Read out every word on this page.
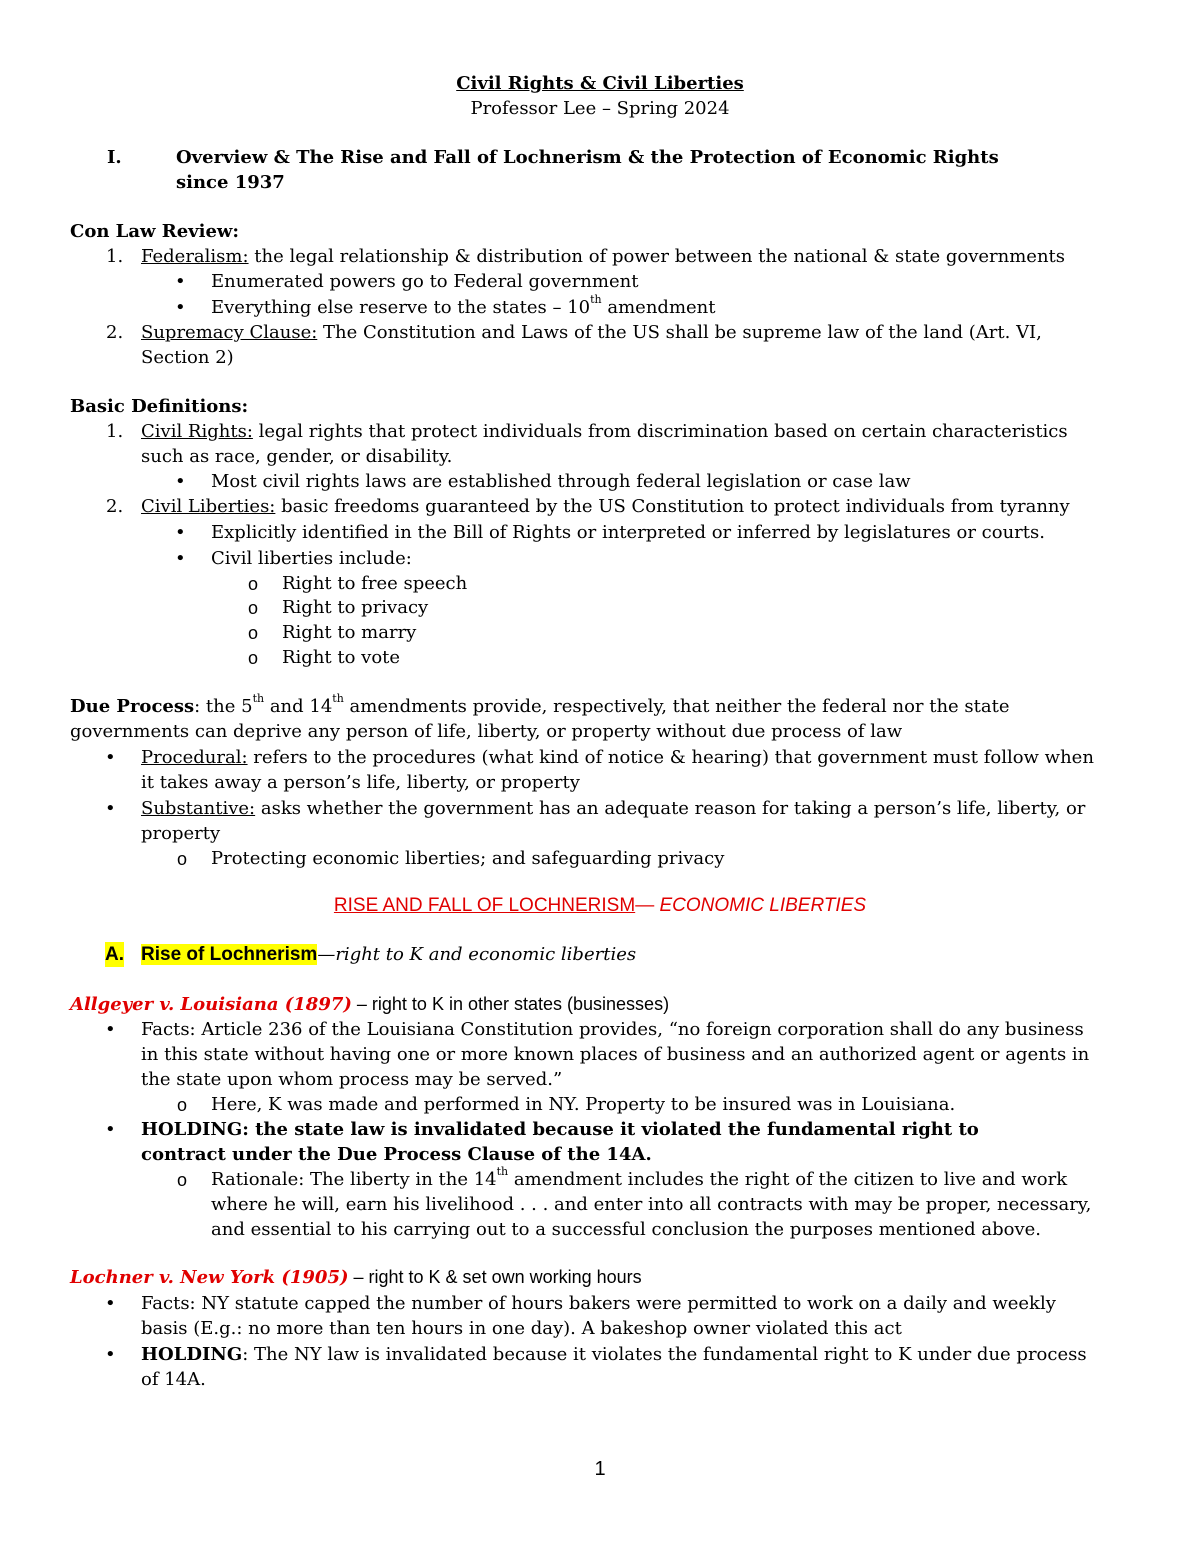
Civil Rights & Civil Liberties
Professor Lee – Spring 2024
I.	Overview & The Rise and Fall of Lochnerism & the Protection of Economic Rights
since 1937
Con Law Review:
1. Federalism: the legal relationship & distribution of power between the national & state governments
• Enumerated powers go to Federal government
• Everything else reserve to the states – 10th amendment
2. Supremacy Clause: The Constitution and Laws of the US shall be supreme law of the land (Art. VI,
Section 2)
Basic Definitions:
1. Civil Rights: legal rights that protect individuals from discrimination based on certain characteristics
such as race, gender, or disability.
• Most civil rights laws are established through federal legislation or case law
2. Civil Liberties: basic freedoms guaranteed by the US Constitution to protect individuals from tyranny
• Explicitly identified in the Bill of Rights or interpreted or inferred by legislatures or courts.
• Civil liberties include:
o Right to free speech
o Right to privacy
o Right to marry
o Right to vote
Due Process: the 5th and 14th amendments provide, respectively, that neither the federal nor the state
governments can deprive any person of life, liberty, or property without due process of law
• Procedural: refers to the procedures (what kind of notice & hearing) that government must follow when
it takes away a person’s life, liberty, or property
• Substantive: asks whether the government has an adequate reason for taking a person’s life, liberty, or
property
o Protecting economic liberties; and safeguarding privacy
RISE AND FALL OF LOCHNERISM— ECONOMIC LIBERTIES
A. Rise of Lochnerism—right to K and economic liberties
Allgeyer v. Louisiana (1897) – right to K in other states (businesses)
• Facts: Article 236 of the Louisiana Constitution provides, “no foreign corporation shall do any business
in this state without having one or more known places of business and an authorized agent or agents in
the state upon whom process may be served.”
o Here, K was made and performed in NY. Property to be insured was in Louisiana.
• HOLDING: the state law is invalidated because it violated the fundamental right to
contract under the Due Process Clause of the 14A.
o Rationale: The liberty in the 14th amendment includes the right of the citizen to live and work
where he will, earn his livelihood . . . and enter into all contracts with may be proper, necessary,
and essential to his carrying out to a successful conclusion the purposes mentioned above.
Lochner v. New York (1905) – right to K & set own working hours
• Facts: NY statute capped the number of hours bakers were permitted to work on a daily and weekly
basis (E.g.: no more than ten hours in one day). A bakeshop owner violated this act
• HOLDING: The NY law is invalidated because it violates the fundamental right to K under due process
of 14A.
1
